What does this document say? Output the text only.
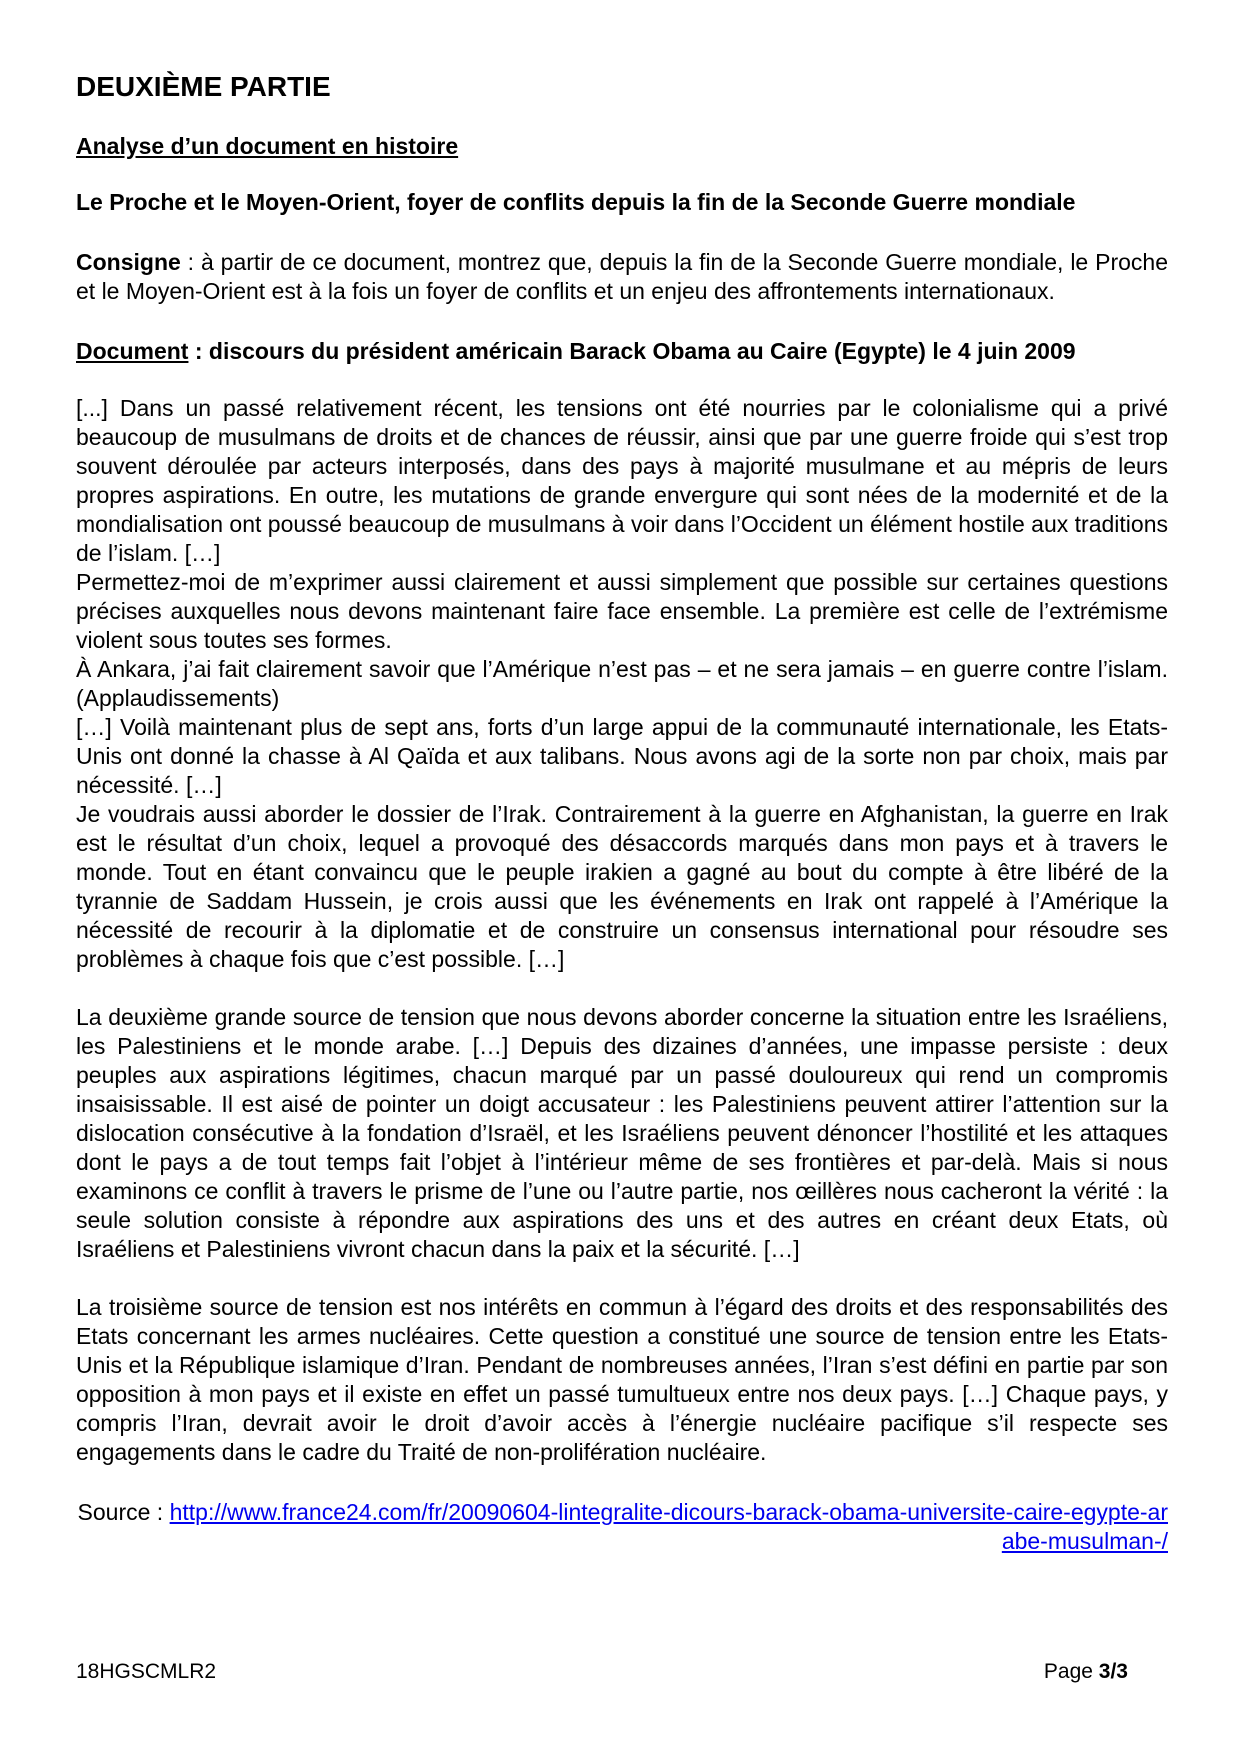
DEUXIÈME PARTIE
Analyse d’un document en histoire
Le Proche et le Moyen-Orient, foyer de conflits depuis la fin de la Seconde Guerre mondiale
Consigne : à partir de ce document, montrez que, depuis la fin de la Seconde Guerre mondiale, le Proche et le Moyen-Orient est à la fois un foyer de conflits et un enjeu des affrontements internationaux.
Document : discours du président américain Barack Obama au Caire (Egypte) le 4 juin 2009

[...] Dans un passé relativement récent, les tensions ont été nourries par le colonialisme qui a privé beaucoup de musulmans de droits et de chances de réussir, ainsi que par une guerre froide qui s’est trop souvent déroulée par acteurs interposés, dans des pays à majorité musulmane et au mépris de leurs propres aspirations. En outre, les mutations de grande envergure qui sont nées de la modernité et de la mondialisation ont poussé beaucoup de musulmans à voir dans l’Occident un élément hostile aux traditions de l’islam. […]

Permettez-moi de m’exprimer aussi clairement et aussi simplement que possible sur certaines questions précises auxquelles nous devons maintenant faire face ensemble. La première est celle de l’extrémisme violent sous toutes ses formes.

À Ankara, j’ai fait clairement savoir que l’Amérique n’est pas – et ne sera jamais – en guerre contre l’islam. (Applaudissements)

[…] Voilà maintenant plus de sept ans, forts d’un large appui de la communauté internationale, les Etats-Unis ont donné la chasse à Al Qaïda et aux talibans. Nous avons agi de la sorte non par choix, mais par nécessité. […]

Je voudrais aussi aborder le dossier de l’Irak. Contrairement à la guerre en Afghanistan, la guerre en Irak est le résultat d’un choix, lequel a provoqué des désaccords marqués dans mon pays et à travers le monde. Tout en étant convaincu que le peuple irakien a gagné au bout du compte à être libéré de la tyrannie de Saddam Hussein, je crois aussi que les événements en Irak ont rappelé à l’Amérique la nécessité de recourir à la diplomatie et de construire un consensus international pour résoudre ses problèmes à chaque fois que c’est possible. […]

La deuxième grande source de tension que nous devons aborder concerne la situation entre les Israéliens, les Palestiniens et le monde arabe. […] Depuis des dizaines d’années, une impasse persiste : deux peuples aux aspirations légitimes, chacun marqué par un passé douloureux qui rend un compromis insaisissable. Il est aisé de pointer un doigt accusateur : les Palestiniens peuvent attirer l’attention sur la dislocation consécutive à la fondation d’Israël, et les Israéliens peuvent dénoncer l’hostilité et les attaques dont le pays a de tout temps fait l’objet à l’intérieur même de ses frontières et par-delà. Mais si nous examinons ce conflit à travers le prisme de l’une ou l’autre partie, nos œillères nous cacheront la vérité : la seule solution consiste à répondre aux aspirations des uns et des autres en créant deux Etats, où Israéliens et Palestiniens vivront chacun dans la paix et la sécurité. […]

La troisième source de tension est nos intérêts en commun à l’égard des droits et des responsabilités des Etats concernant les armes nucléaires. Cette question a constitué une source de tension entre les Etats-Unis et la République islamique d’Iran. Pendant de nombreuses années, l’Iran s’est défini en partie par son opposition à mon pays et il existe en effet un passé tumultueux entre nos deux pays. […] Chaque pays, y compris l’Iran, devrait avoir le droit d’avoir accès à l’énergie nucléaire pacifique s’il respecte ses engagements dans le cadre du Traité de non-prolifération nucléaire.

Source : http://www.france24.com/fr/20090604-lintegralite-dicours-barack-obama-universite-caire-egypte-arabe-musulman-/
18HGSCMLR2	Page 3/3
